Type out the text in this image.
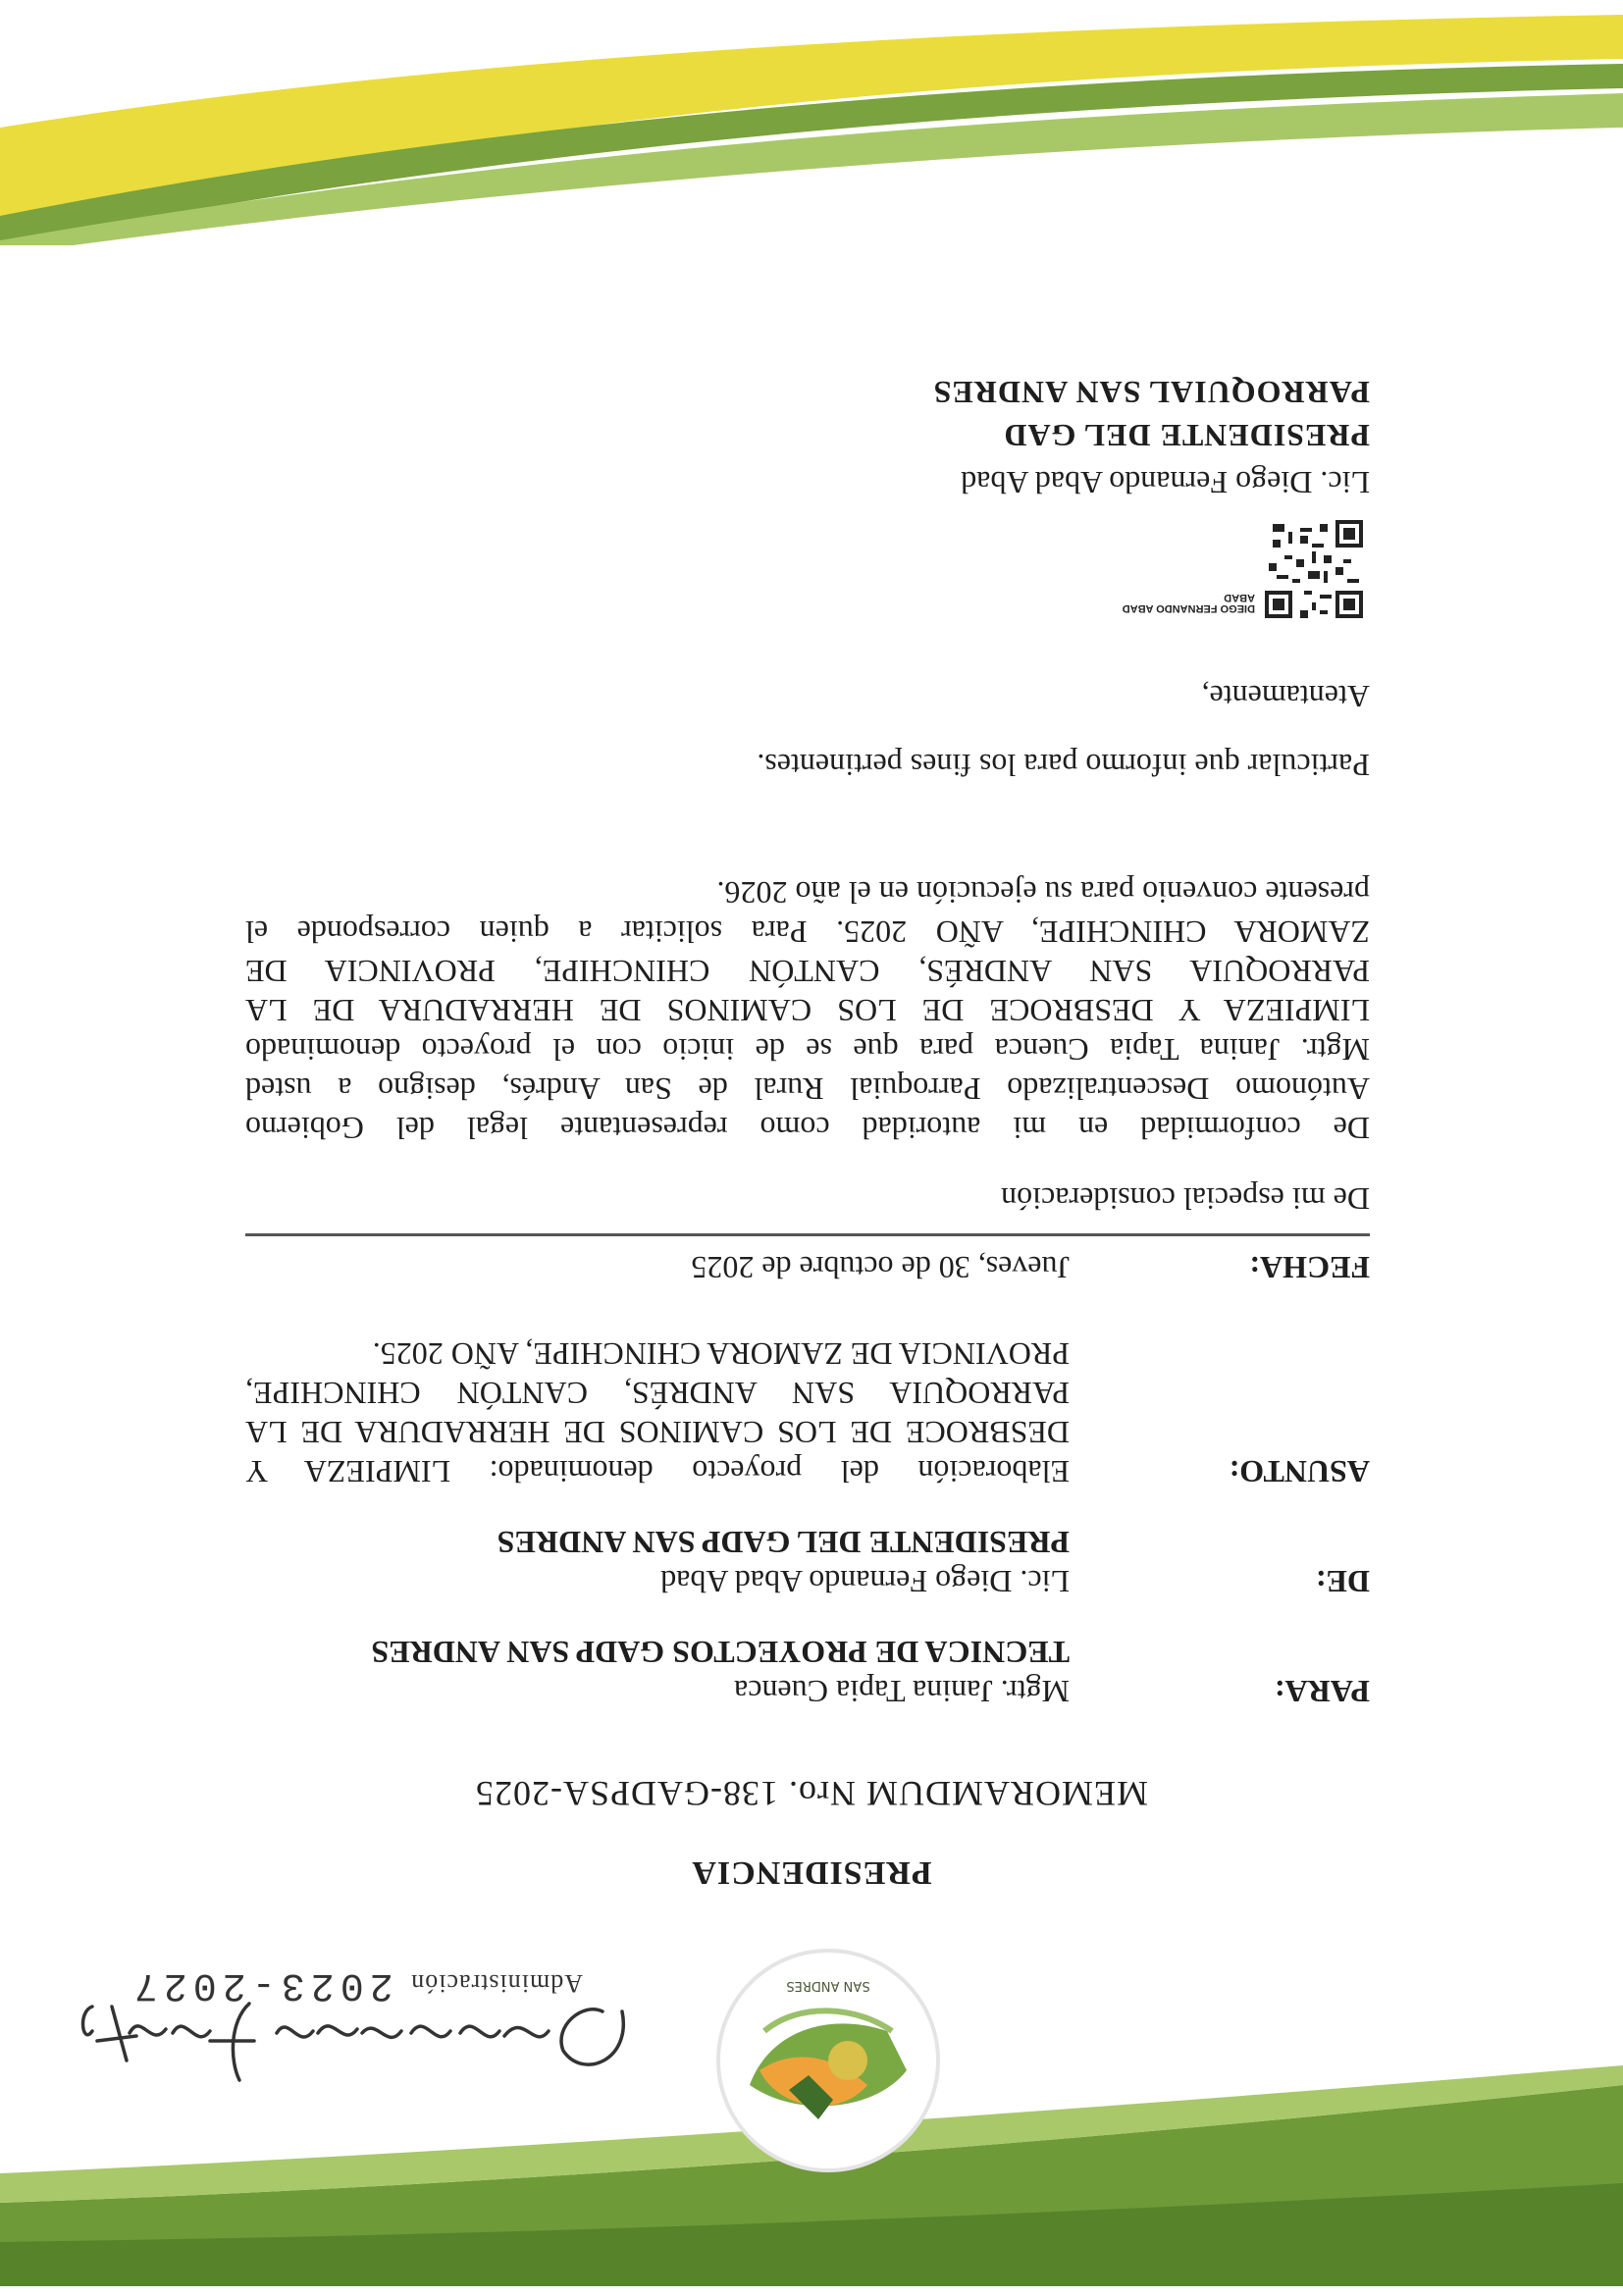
SAN ANDRES
Administración 2023-2027
PRESIDENCIA
MEMORAMDUM Nro. 138-GADPSA-2025
PARA:
Mgtr. Janina Tapia Cuenca
TECNICA DE PROYECTOS GADP SAN ANDRES
DE:
Lic. Diego Fernando Abad Abad
PRESIDENTE DEL GADP SAN ANDRES
ASUNTO:
Elaboración del proyecto denominado: LIMPIEZA Y
DESBROCE DE LOS CAMINOS DE HERRADURA DE LA
PARROQUIA SAN ANDRÉS, CANTÓN CHINCHIPE,
PROVINCIA DE ZAMORA CHINCHIPE, AÑO 2025.
FECHA:
Jueves, 30 de octubre de 2025
De mi especial consideración
De conformidad en mi autoridad como representante legal del Gobierno
Autónomo Descentralizado Parroquial Rural de San Andrés, designo a usted
Mgtr. Janina Tapia Cuenca para que se de inicio con el proyecto denominado
LIMPIEZA Y DESBROCE DE LOS CAMINOS DE HERRADURA DE LA
PARROQUIA SAN ANDRÉS, CANTÓN CHINCHIPE, PROVINCIA DE
ZAMORA CHINCHIPE, AÑO 2025. Para solicitar a quien corresponde el
presente convenio para su ejecución en el año 2026.
Particular que informo para los fines pertinentes.
Atentamente,
DIEGO FERNANDO ABAD
ABAD
Lic. Diego Fernando Abad Abad
PRESIDENTE DEL GAD
PARROQUIAL SAN ANDRES
